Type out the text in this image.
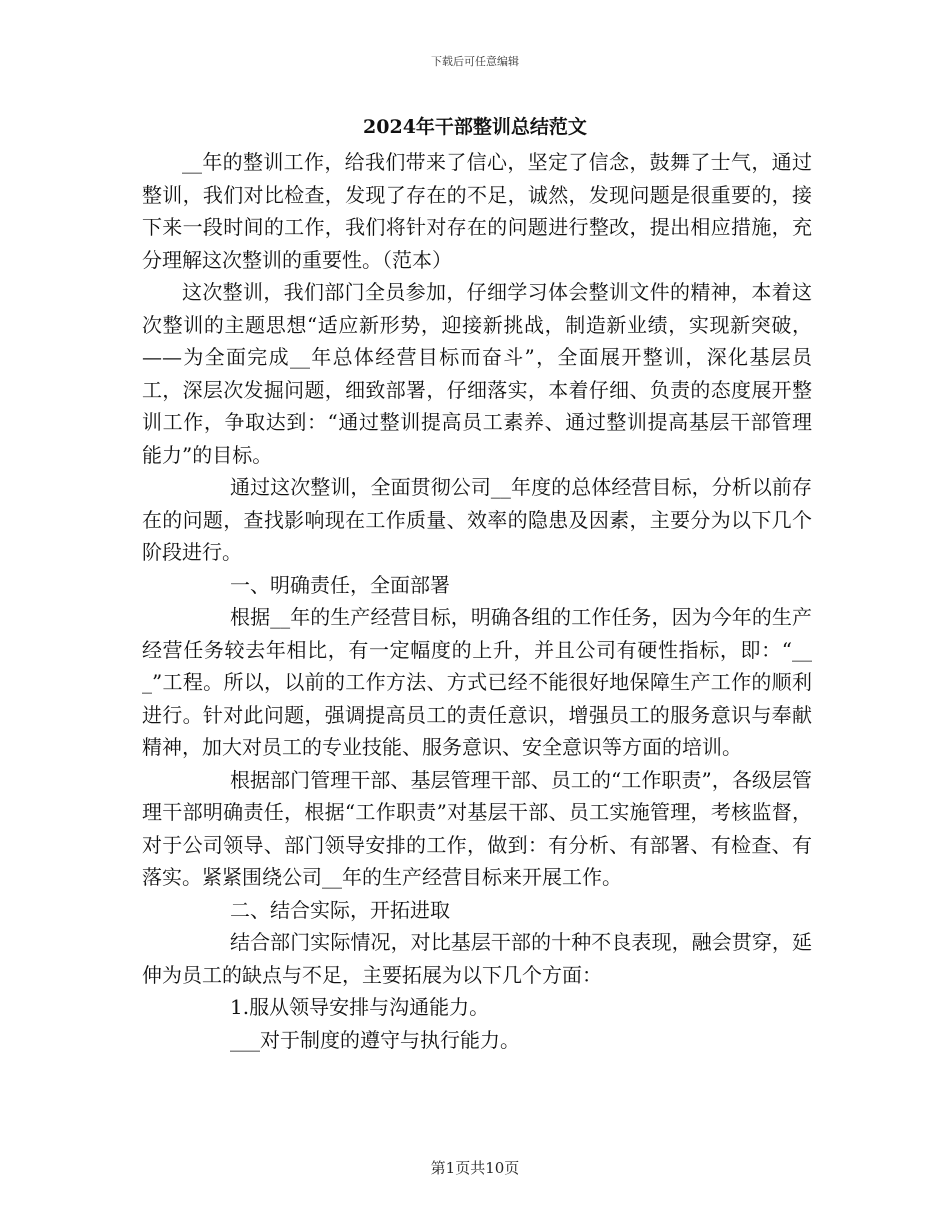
下载后可任意编辑
2024年干部整训总结范文

__年的整训工作，给我们带来了信心，坚定了信念，鼓舞了士气，通过整训，我们对比检查，发现了存在的不足，诚然，发现问题是很重要的，接下来一段时间的工作，我们将针对存在的问题进行整改，提出相应措施，充分理解这次整训的重要性。（范本）

这次整训，我们部门全员参加，仔细学习体会整训文件的精神，本着这次整训的主题思想“适应新形势，迎接新挑战，制造新业绩，实现新突破，——为全面完成__年总体经营目标而奋斗”，全面展开整训，深化基层员工，深层次发掘问题，细致部署，仔细落实，本着仔细、负责的态度展开整训工作，争取达到：“通过整训提高员工素养、通过整训提高基层干部管理能力”的目标。

通过这次整训，全面贯彻公司__年度的总体经营目标，分析以前存在的问题，查找影响现在工作质量、效率的隐患及因素，主要分为以下几个阶段进行。

一、明确责任，全面部署

根据__年的生产经营目标，明确各组的工作任务，因为今年的生产经营任务较去年相比，有一定幅度的上升，并且公司有硬性指标，即：“___”工程。所以，以前的工作方法、方式已经不能很好地保障生产工作的顺利进行。针对此问题，强调提高员工的责任意识，增强员工的服务意识与奉献精神，加大对员工的专业技能、服务意识、安全意识等方面的培训。

根据部门管理干部、基层管理干部、员工的“工作职责”，各级层管理干部明确责任，根据“工作职责”对基层干部、员工实施管理，考核监督，对于公司领导、部门领导安排的工作，做到：有分析、有部署、有检查、有落实。紧紧围绕公司__年的生产经营目标来开展工作。

二、结合实际，开拓进取

结合部门实际情况，对比基层干部的十种不良表现，融会贯穿，延伸为员工的缺点与不足，主要拓展为以下几个方面：

1.服从领导安排与沟通能力。

___对于制度的遵守与执行能力。

第1页共10页
